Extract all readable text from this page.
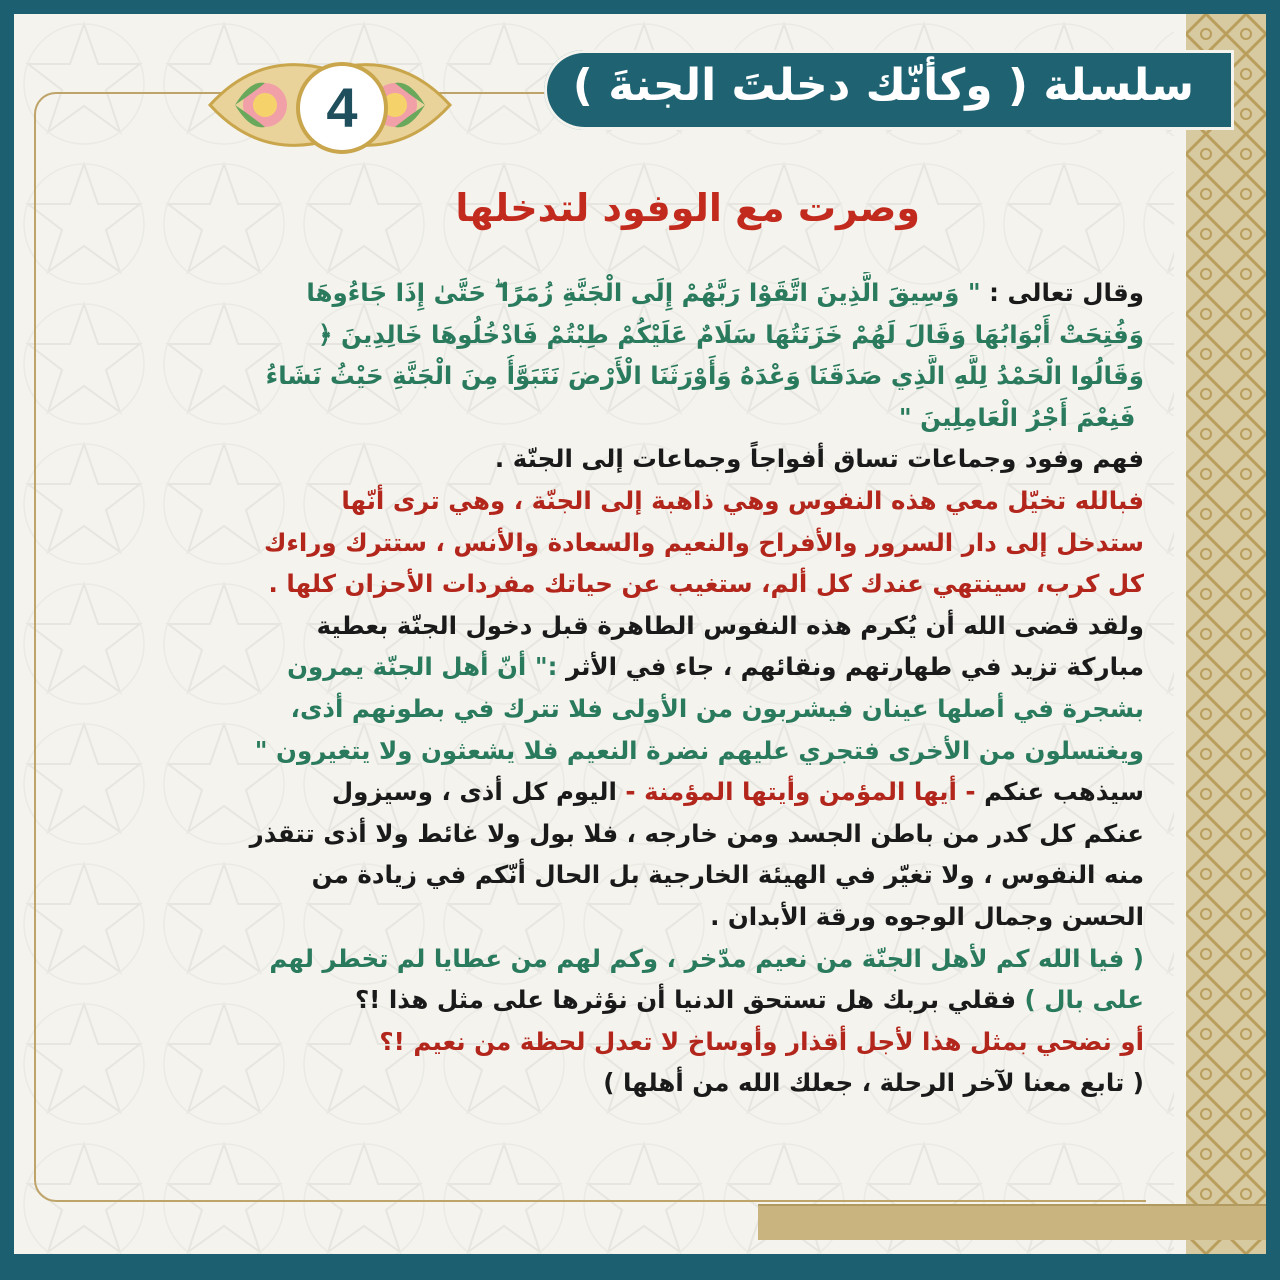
سلسلة ( وكأنّك دخلتَ الجنةَ )
4
وصرت مع الوفود لتدخلها
وقال تعالى : " وَسِيقَ الَّذِينَ اتَّقَوْا رَبَّهُمْ إِلَى الْجَنَّةِ زُمَرًا ۖ حَتَّىٰ إِذَا جَاءُوهَا
وَفُتِحَتْ أَبْوَابُهَا وَقَالَ لَهُمْ خَزَنَتُهَا سَلَامٌ عَلَيْكُمْ طِبْتُمْ فَادْخُلُوهَا خَالِدِينَ ﴿
وَقَالُوا الْحَمْدُ لِلَّهِ الَّذِي صَدَقَنَا وَعْدَهُ وَأَوْرَثَنَا الْأَرْضَ نَتَبَوَّأُ مِنَ الْجَنَّةِ حَيْثُ نَشَاءُ
ۖ فَنِعْمَ أَجْرُ الْعَامِلِينَ "
فهم وفود وجماعات تساق أفواجاً وجماعات إلى الجنّة .
فبالله تخيّل معي هذه النفوس وهي ذاهبة إلى الجنّة ، وهي ترى أنّها
ستدخل إلى دار السرور والأفراح والنعيم والسعادة والأنس ، ستترك وراءك
كل كرب، سينتهي عندك كل ألم، ستغيب عن حياتك مفردات الأحزان كلها .
ولقد قضى الله أن يُكرم هذه النفوس الطاهرة قبل دخول الجنّة بعطية
مباركة تزيد في طهارتهم ونقائهم ، جاء في الأثر :" أنّ أهل الجنّة يمرون
بشجرة في أصلها عينان فيشربون من الأولى فلا تترك في بطونهم أذى،
ويغتسلون من الأخرى فتجري عليهم نضرة النعيم فلا يشعثون ولا يتغيرون "
سيذهب عنكم - أيها المؤمن وأيتها المؤمنة - اليوم كل أذى ، وسيزول
عنكم كل كدر من باطن الجسد ومن خارجه ، فلا بول ولا غائط ولا أذى تتقذر
منه النفوس ، ولا تغيّر في الهيئة الخارجية بل الحال أنّكم في زيادة من
الحسن وجمال الوجوه ورقة الأبدان .
( فيا الله كم لأهل الجنّة من نعيم مدّخر ، وكم لهم من عطايا لم تخطر لهم
على بال ) فقلي بربك هل تستحق الدنيا أن نؤثرها على مثل هذا !؟
أو نضحي بمثل هذا لأجل أقذار وأوساخ لا تعدل لحظة من نعيم !؟
( تابع معنا لآخر الرحلة ، جعلك الله من أهلها )
